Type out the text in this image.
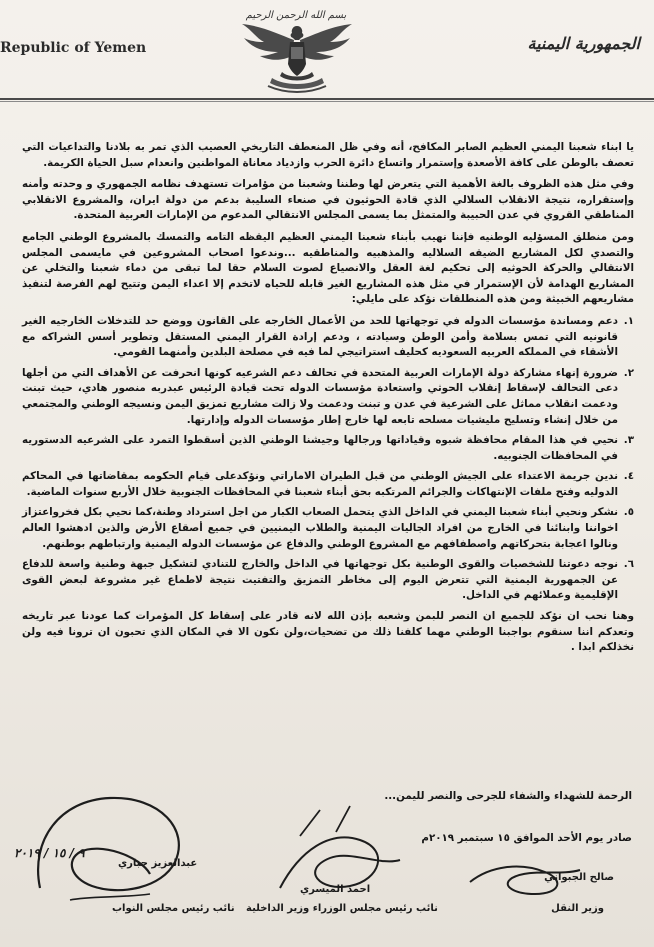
Republic of Yemen
بسم الله الرحمن الرحيم
الجمهورية اليمنية

يا ابناء شعبنا اليمني العظيم الصابر المكافح، أنه وفي ظل المنعطف التاريخي العصيب الذي تمر به بلادنا والتداعيات التي تعصف بالوطن على كافة الأصعدة وإستمرار واتساع دائرة الحرب وازدياد معاناة المواطنين وانعدام سبل الحياة الكريمة.

وفي مثل هذه الظروف بالغة الأهمية التي يتعرض لها وطننا وشعبنا من مؤامرات تستهدف نظامه الجمهوري و وحدته وأمنه وإستقراره، نتيجة الانقلاب السلالي الذي قادة الحوثيون في صنعاء السليبة بدعم من دولة ايران، والمشروع الانقلابي المناطقي القروي في عدن الحبيبة والمتمثل بما يسمى المجلس الانتقالي المدعوم من الإمارات العربية المتحدة.

ومن منطلق المسؤليه الوطنيه فإننا نهيب بأبناء شعبنا اليمني العظيم اليقظه التامه والتمسك بالمشروع الوطني الجامع والتصدي لكل المشاريع الضيقه السلاليه والمذهبيه والمناطقيه ...وندعوا اصحاب المشروعين في مايسمى المجلس الانتقالي والحركة الحوثيه إلى تحكيم لغة العقل والانصياع لصوت السلام حقا لما تبقى من دماء شعبنا والتخلي عن المشاريع الهدامة لأن الإستمرار في مثل هذه المشاريع الغير قابله للحياه لاتخدم إلا اعداء اليمن وتتيح لهم الفرصة لتنفيذ مشاريعهم الخبيثة ومن هذه المنطلقات نؤكد على مايلي:

١.
دعم ومساندة مؤسسات الدوله في توجهاتها للحد من الأعمال الخارجه على القانون ووضع حد للتدخلات الخارجيه الغير قانونيه التي تمس بسلامة وأمن الوطن وسيادته ، ودعم إرادة القرار اليمني المستقل وتطوير أسس الشراكه مع الأشقاء في المملكه العربيه السعوديه كحليف استراتيجي لما فيه في مصلحة البلدين وأمنهما القومي.
٢.
ضرورة إنهاء مشاركة دولة الإمارات العربية المتحدة في تحالف دعم الشرعيه كونها انحرفت عن الأهداف التي من أجلها دعى التحالف لإسقاط إنقلاب الحوثي واستعادة مؤسسات الدوله تحت قيادة الرئيس عبدربه منصور هادي، حيث تبنت ودعمت انقلاب مماثل على الشرعية في عدن و تبنت ودعمت ولا زالت مشاريع تمزيق اليمن ونسيجه الوطني والمجتمعي من خلال إنشاء وتسليح مليشيات مسلحه تابعه لها خارج إطار مؤسسات الدوله وإدارتها.
٣.
نحيي في هذا المقام محافظة شبوه وقياداتها ورجالها وجيشنا الوطني الذين أسقطوا التمرد على الشرعيه الدستوريه في المحافظات الجنوبيه.
٤.
ندين جريمة الاعتداء على الجيش الوطني من قبل الطيران الاماراتي ونؤكدعلى قيام الحكومه بمقاضاتها في المحاكم الدوليه وفتح ملفات الإنتهاكات والجرائم المرتكبه بحق أبناء شعبنا في المحافظات الجنوبية خلال الأربع سنوات الماضية.
٥.
نشكر ونحيي أبناء شعبنا اليمني في الداخل الذي يتحمل الصعاب الكبار من اجل استرداد وطنة،كما نحيي بكل فخرواعتزاز اخواننا وابنائنا في الخارج من افراد الجاليات اليمنية والطلاب اليمنيين في جميع أصقاع الأرض والذين ادهشوا العالم ونالوا اعجابة بتحركاتهم واصطفافهم مع المشروع الوطني والدفاع عن مؤسسات الدوله اليمنية وارتباطهم بوطنهم.
٦.
نوجه دعوتنا للشخصيات والقوى الوطنية بكل توجهاتها في الداخل والخارج للتنادي لتشكيل جبهة وطنية واسعة للدفاع عن الجمهورية اليمنية التي تتعرض اليوم إلى مخاطر التمزيق والتفتيت نتيجة لاطماع غير مشروعة لبعض القوى الإقليمية وعملائهم في الداخل.

وهنا نحب ان نؤكد للجميع ان النصر للبمن وشعبه بإذن الله لانه قادر على إسقاط كل المؤمرات كما عودنا عبر تاريخه وتعدكم اننا سنقوم بواجبنا الوطني مهما كلفنا ذلك من تضحيات،ولن نكون الا في المكان الذي تحبون ان ترونا فيه ولن نخذلكم ابدا .

الرحمة للشهداء والشفاء للجرحى والنصر لليمن...
صادر يوم الأحد الموافق ١٥ سبتمبر ٢٠١٩م
٩ / ١٥ / ٢٠١٩
صالح الجبواني
وزير النقل
احمد الميسري
نائب رئيس مجلس الوزراء وزير الداخلية
عبدالعزيز جباري
نائب رئيس مجلس النواب
